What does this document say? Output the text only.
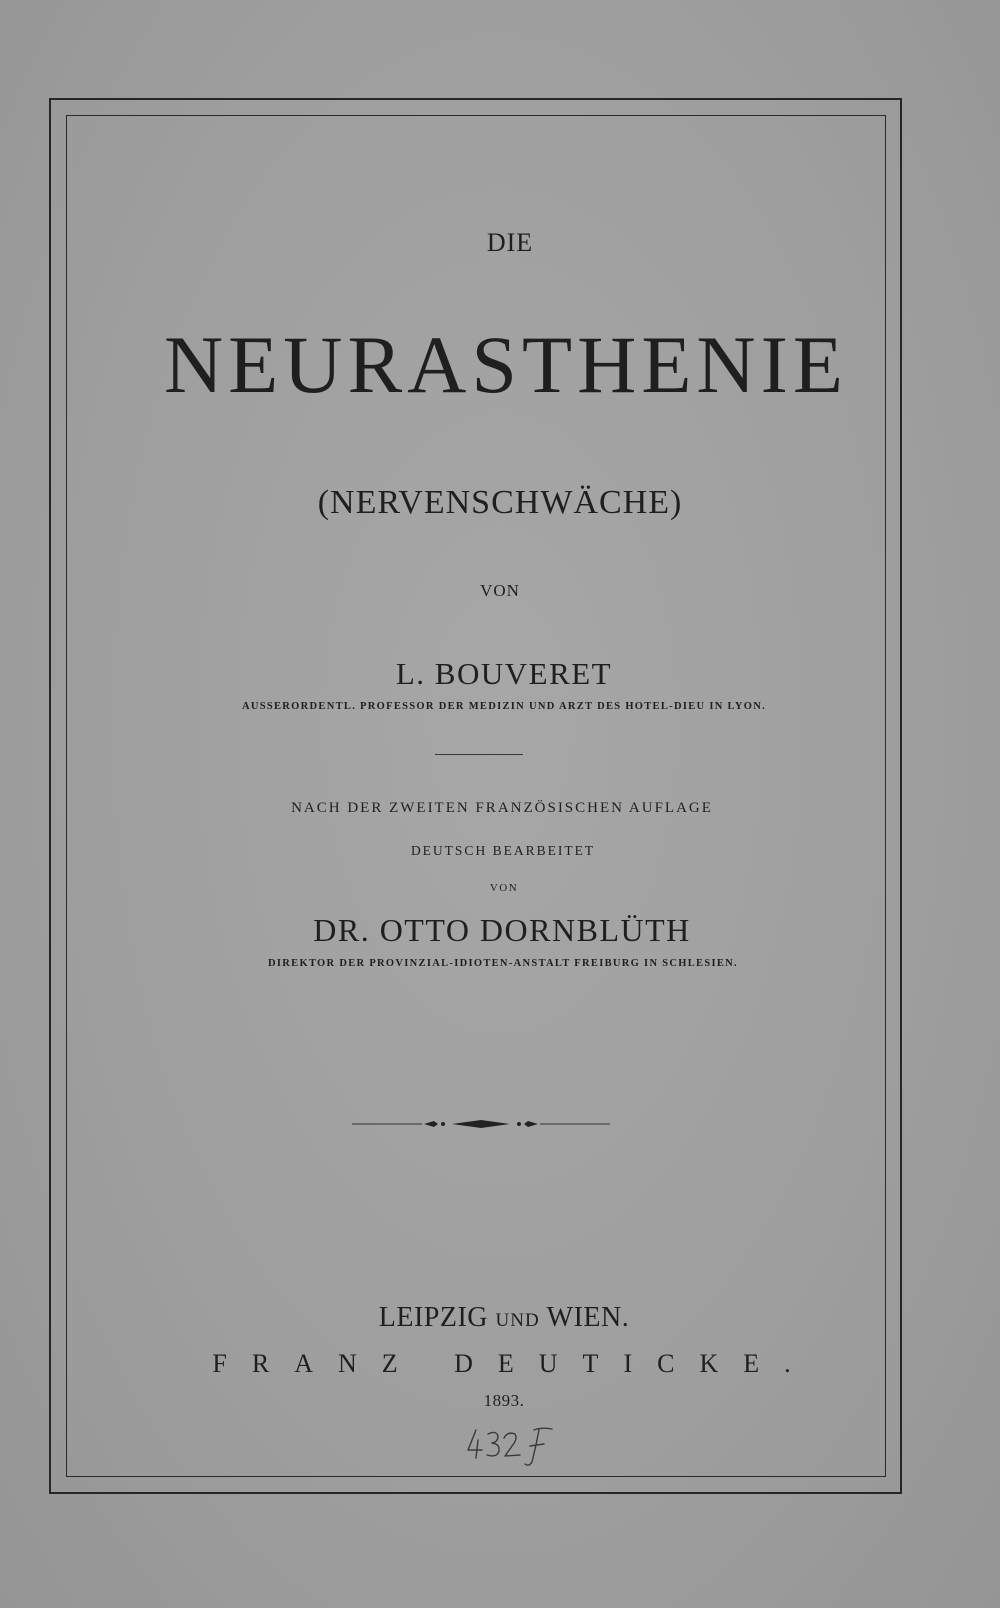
DIE
NEURASTHENIE
(NERVENSCHWÄCHE)
VON
L. BOUVERET
AUSSERORDENTL. PROFESSOR DER MEDIZIN UND ARZT DES HOTEL-DIEU IN LYON.
NACH DER ZWEITEN FRANZÖSISCHEN AUFLAGE
DEUTSCH BEARBEITET
VON
DR. OTTO DORNBLÜTH
DIREKTOR DER PROVINZIAL-IDIOTEN-ANSTALT FREIBURG IN SCHLESIEN.
LEIPZIG UND WIEN.
FRANZ DEUTICKE.
1893.
